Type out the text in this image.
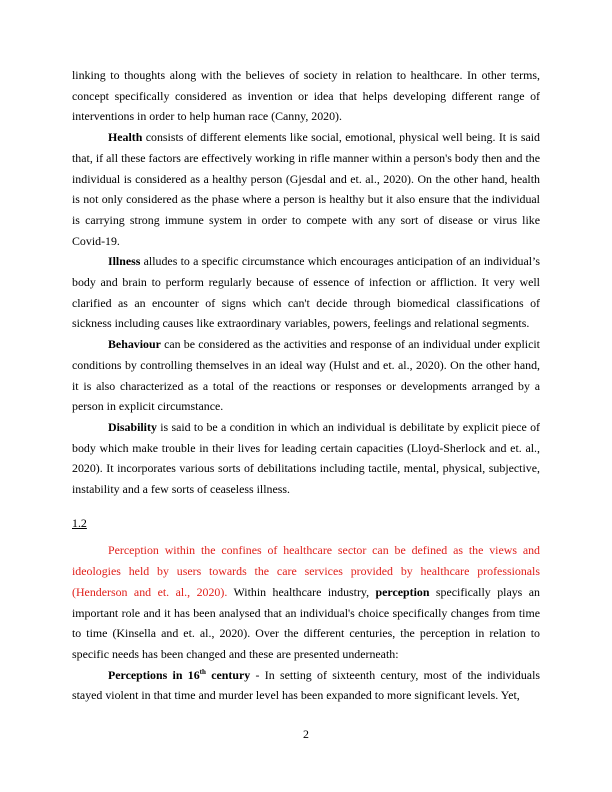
linking to thoughts along with the believes of society in relation to healthcare. In other terms, concept specifically considered as invention or idea that helps developing different range of interventions in order to help human race (Canny, 2020).

Health consists of different elements like social, emotional, physical well being. It is said that, if all these factors are effectively working in rifle manner within a person's body then and the individual is considered as a healthy person (Gjesdal and et. al., 2020). On the other hand, health is not only considered as the phase where a person is healthy but it also ensure that the individual is carrying strong immune system in order to compete with any sort of disease or virus like Covid-19.

Illness alludes to a specific circumstance which encourages anticipation of an individual’s body and brain to perform regularly because of essence of infection or affliction. It very well clarified as an encounter of signs which can't decide through biomedical classifications of sickness including causes like extraordinary variables, powers, feelings and relational segments.

Behaviour can be considered as the activities and response of an individual under explicit conditions by controlling themselves in an ideal way (Hulst and et. al., 2020). On the other hand, it is also characterized as a total of the reactions or responses or developments arranged by a person in explicit circumstance.

Disability is said to be a condition in which an individual is debilitate by explicit piece of body which make trouble in their lives for leading certain capacities (Lloyd-Sherlock and et. al., 2020). It incorporates various sorts of debilitations including tactile, mental, physical, subjective, instability and a few sorts of ceaseless illness.

1.2

Perception within the confines of healthcare sector can be defined as the views and ideologies held by users towards the care services provided by healthcare professionals (Henderson and et. al., 2020). Within healthcare industry, perception specifically plays an important role and it has been analysed that an individual's choice specifically changes from time to time (Kinsella and et. al., 2020). Over the different centuries, the perception in relation to specific needs has been changed and these are presented underneath:

Perceptions in 16th century - In setting of sixteenth century, most of the individuals stayed violent in that time and murder level has been expanded to more significant levels. Yet,

2
